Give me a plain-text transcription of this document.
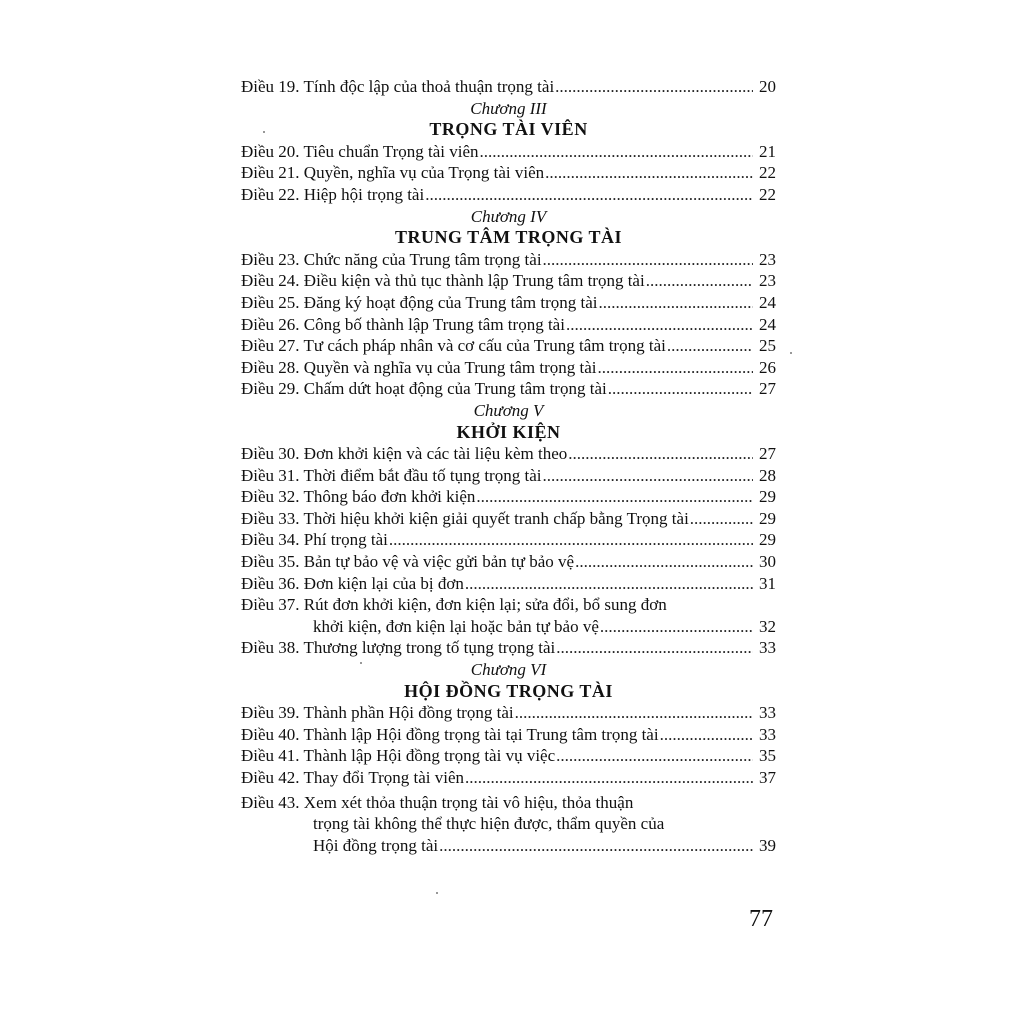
Điều 19. Tính độc lập của thoả thuận trọng tài .....	20
Chương III
TRỌNG TÀI VIÊN
Điều 20. Tiêu chuẩn Trọng tài viên .....	21
Điều 21. Quyền, nghĩa vụ của Trọng tài viên .....	22
Điều 22. Hiệp hội trọng tài .....	22
Chương IV
TRUNG TÂM TRỌNG TÀI
Điều 23. Chức năng của Trung tâm trọng tài .....	23
Điều 24. Điều kiện và thủ tục thành lập Trung tâm trọng tài .....	23
Điều 25. Đăng ký hoạt động của Trung tâm trọng tài .....	24
Điều 26. Công bố thành lập Trung tâm trọng tài .....	24
Điều 27. Tư cách pháp nhân và cơ cấu của Trung tâm trọng tài .....	25
Điều 28. Quyền và nghĩa vụ của Trung tâm trọng tài .....	26
Điều 29. Chấm dứt hoạt động của Trung tâm trọng tài .....	27
Chương V
KHỞI KIỆN
Điều 30. Đơn khởi kiện và các tài liệu kèm theo .....	27
Điều 31. Thời điểm bắt đầu tố tụng trọng tài .....	28
Điều 32. Thông báo đơn khởi kiện .....	29
Điều 33. Thời hiệu khởi kiện giải quyết tranh chấp bằng Trọng tài .....	29
Điều 34. Phí trọng tài .....	29
Điều 35. Bản tự bảo vệ và việc gửi bản tự bảo vệ .....	30
Điều 36. Đơn kiện lại của bị đơn .....	31
Điều 37. Rút đơn khởi kiện, đơn kiện lại; sửa đổi, bổ sung đơn
khởi kiện, đơn kiện lại hoặc bản tự bảo vệ .....	32
Điều 38. Thương lượng trong tố tụng trọng tài .....	33
Chương VI
HỘI ĐỒNG TRỌNG TÀI
Điều 39. Thành phần Hội đồng trọng tài .....	33
Điều 40. Thành lập Hội đồng trọng tài tại Trung tâm trọng tài .....	33
Điều 41. Thành lập Hội đồng trọng tài vụ việc .....	35
Điều 42. Thay đổi Trọng tài viên .....	37
Điều 43. Xem xét thỏa thuận trọng tài vô hiệu, thỏa thuận
trọng tài không thể thực hiện được, thẩm quyền của
Hội đồng trọng tài .....	39
77
